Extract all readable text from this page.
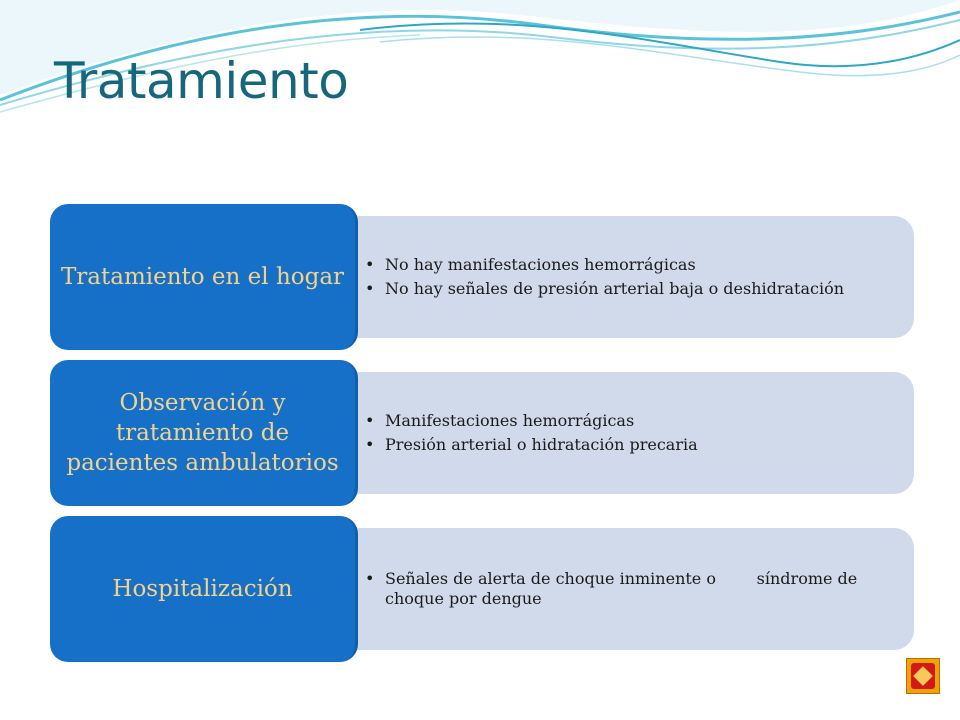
Tratamiento
• No hay manifestaciones hemorrágicas
• No hay señales de presión arterial baja o deshidratación
Tratamiento en el hogar
• Manifestaciones hemorrágicas
• Presión arterial o hidratación precaria
Observación y tratamiento de pacientes ambulatorios
• Señales de alerta de choque inminente o        síndrome de choque por dengue
Hospitalización
